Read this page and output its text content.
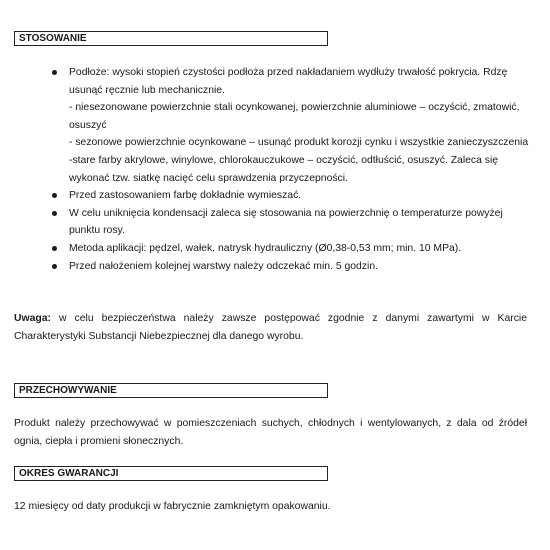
STOSOWANIE
Podłoże: wysoki stopień czystości podłoża przed nakładaniem wydłuży trwałość pokrycia. Rdzę usunąć ręcznie lub mechanicznie.
- niesezonowane powierzchnie stali ocynkowanej, powierzchnie aluminiowe – oczyścić, zmatowić, osuszyć
- sezonowe powierzchnie ocynkowane – usunąć produkt korozji cynku i wszystkie zanieczyszczenia
-stare farby akrylowe, winylowe, chlorokauczukowe – oczyścić, odtłuścić, osuszyć. Zaleca się wykonać tzw. siatkę nacięć celu sprawdzenia przyczepności.
Przed zastosowaniem farbę dokładnie wymieszać.
W celu uniknięcia kondensacji zaleca się stosowania na powierzchnię o temperaturze powyżej punktu rosy.
Metoda aplikacji: pędzel, wałek, natrysk hydrauliczny (Ø0,38-0,53 mm; min. 10 MPa).
Przed nałożeniem kolejnej warstwy należy odczekać min. 5 godzin.

Uwaga: w celu bezpieczeństwa należy zawsze postępować zgodnie z danymi zawartymi w Karcie Charakterystyki Substancji Niebezpiecznej dla danego wyrobu.

PRZECHOWYWANIE

Produkt należy przechowywać w pomieszczeniach suchych, chłodnych i wentylowanych, z dala od źródeł ognia, ciepła i promieni słonecznych.

OKRES GWARANCJI

12 miesięcy od daty produkcji w fabrycznie zamkniętym opakowaniu.
